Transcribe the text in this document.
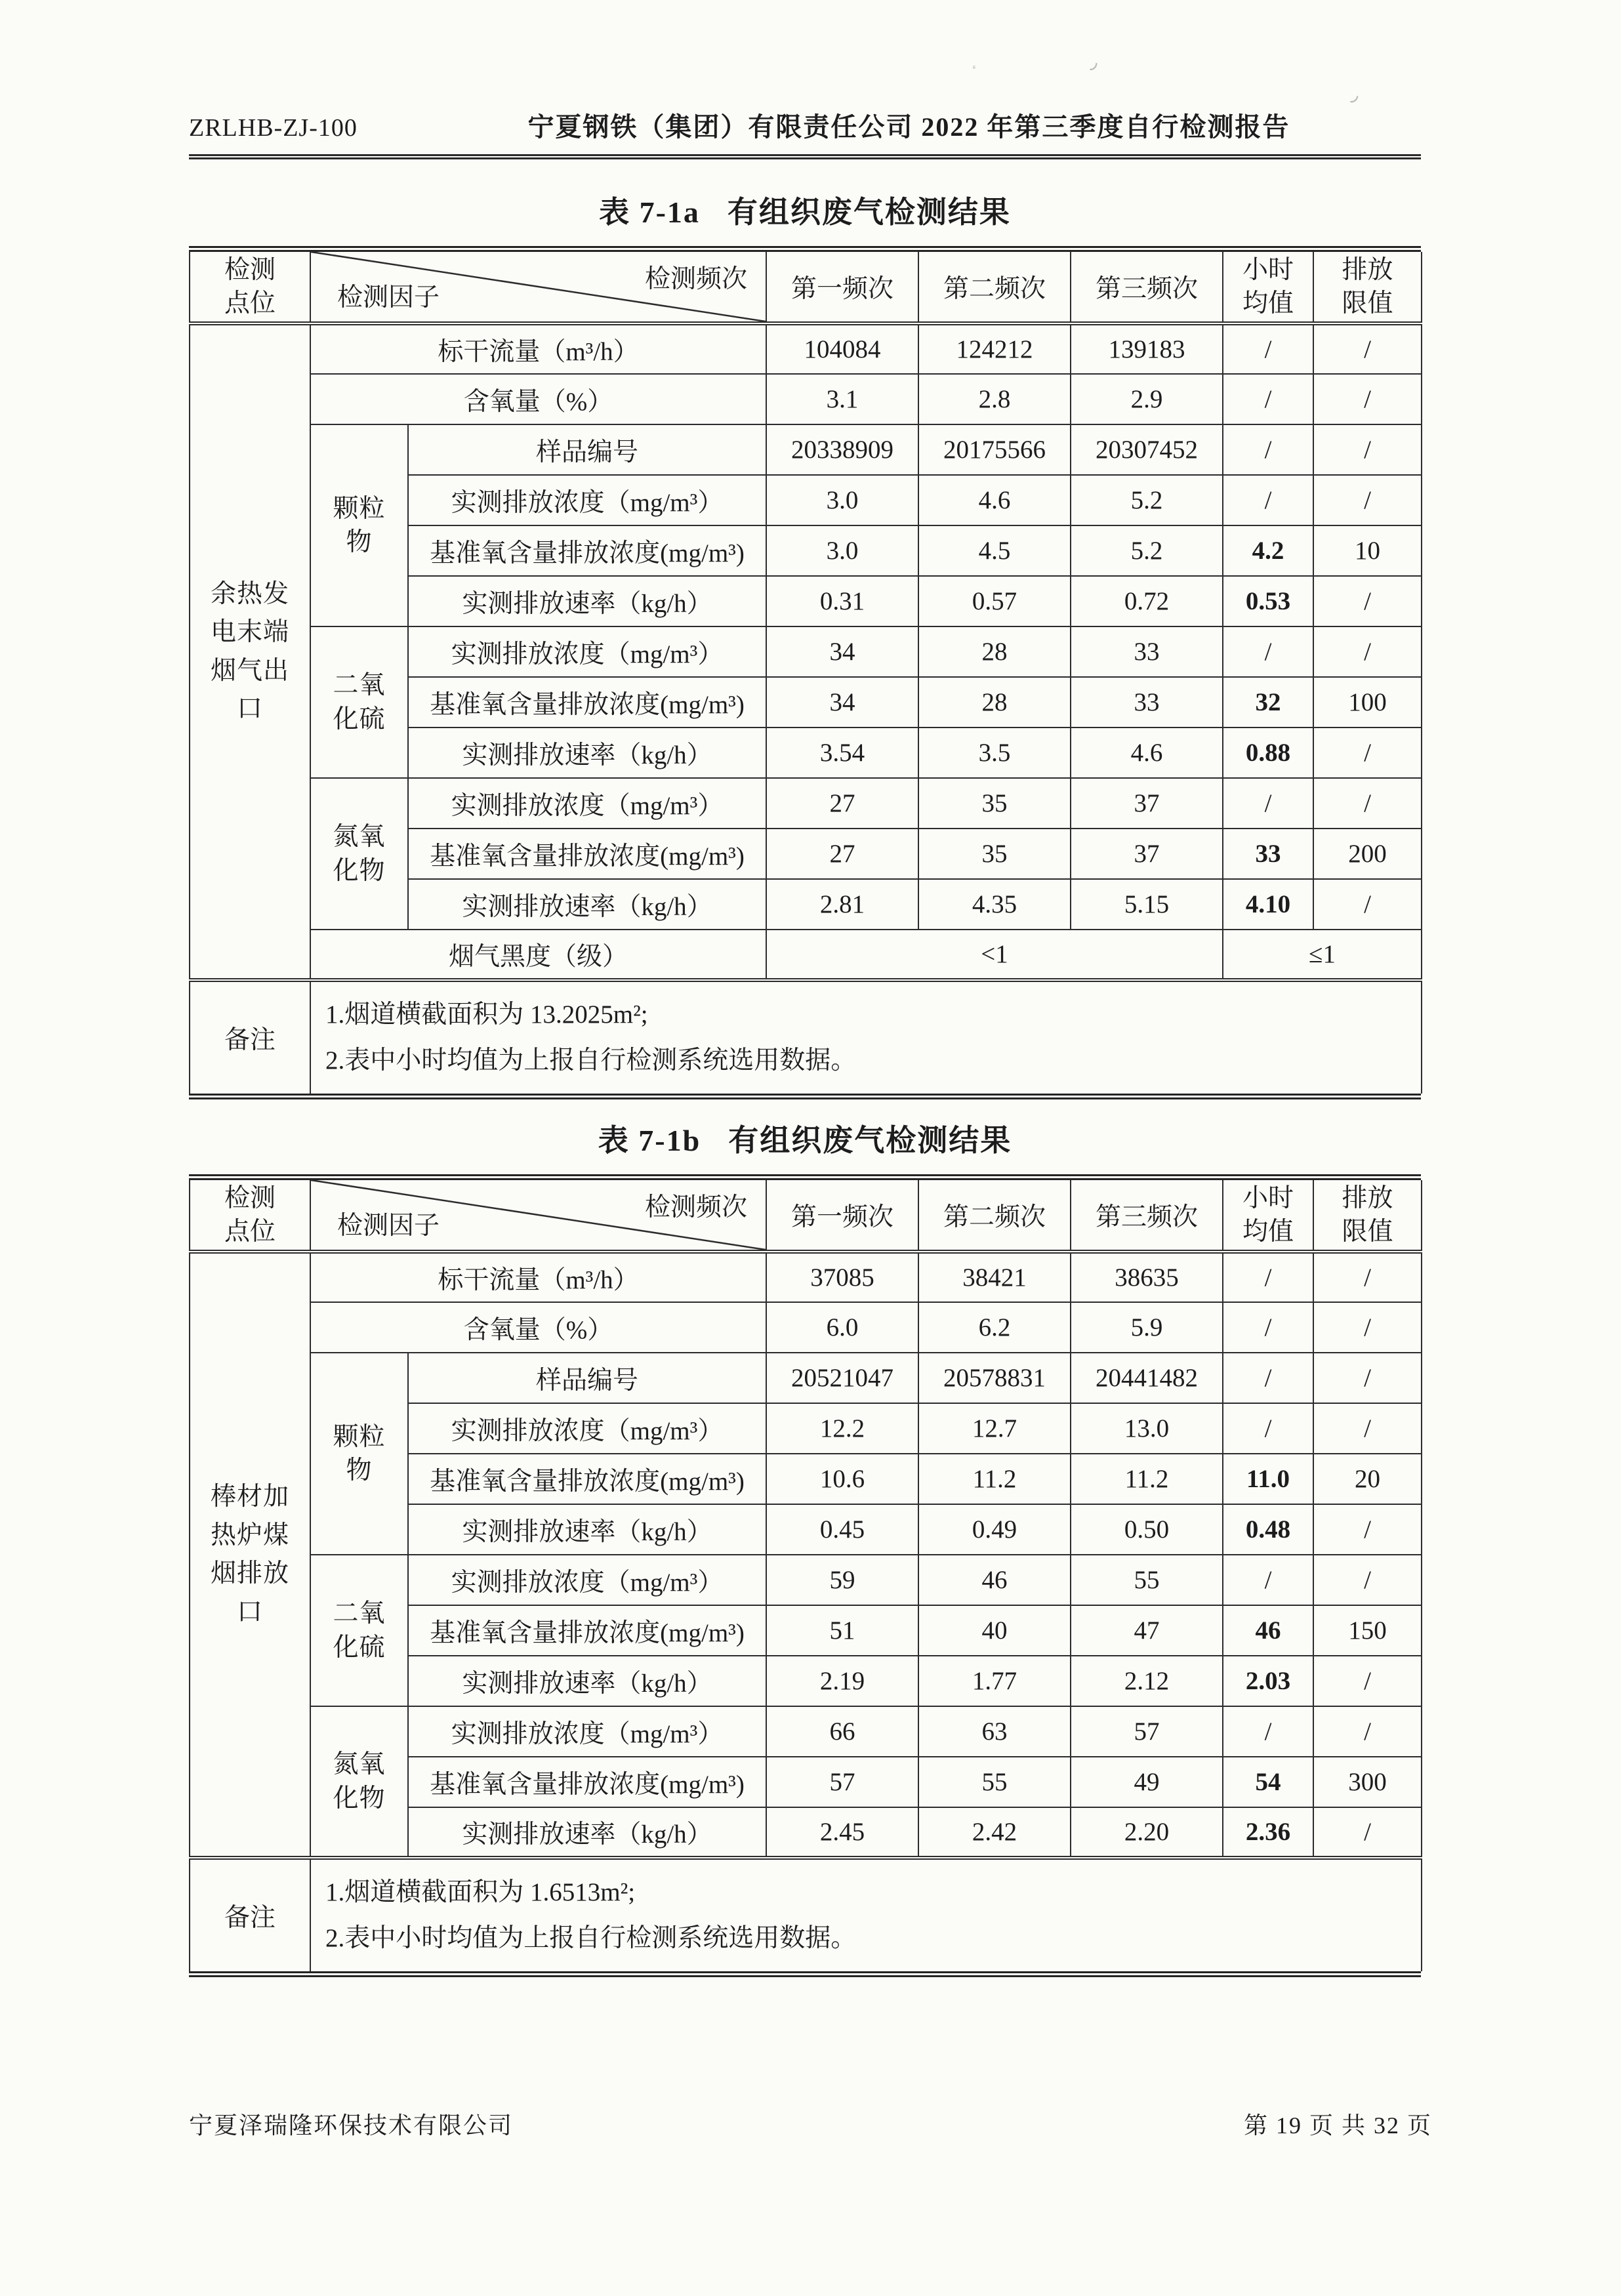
ZRLHB-ZJ-100	宁夏钢铁（集团）有限责任公司 2022 年第三季度自行检测报告
表 7-1a 有组织废气检测结果
检测点位	检测频次
检测因子		第一频次	第二频次	第三频次	小时均值	排放限值
余热发电末端烟气出口	标干流量（m³/h）		104084	124212	139183	/	/
	含氧量（%）		3.1	2.8	2.9	/	/
	颗粒物	样品编号	20338909	20175566	20307452	/	/
		实测排放浓度（mg/m³）	3.0	4.6	5.2	/	/
		基准氧含量排放浓度(mg/m³)	3.0	4.5	5.2	4.2	10
		实测排放速率（kg/h）	0.31	0.57	0.72	0.53	/
	二氧化硫	实测排放浓度（mg/m³）	34	28	33	/	/
		基准氧含量排放浓度(mg/m³)	34	28	33	32	100
		实测排放速率（kg/h）	3.54	3.5	4.6	0.88	/
	氮氧化物	实测排放浓度（mg/m³）	27	35	37	/	/
		基准氧含量排放浓度(mg/m³)	27	35	37	33	200
		实测排放速率（kg/h）	2.81	4.35	5.15	4.10	/
	烟气黑度（级）		<1			≤1	
备注	1.烟道横截面积为 13.2025m²;
2.表中小时均值为上报自行检测系统选用数据。						
表 7-1b 有组织废气检测结果
检测点位	检测频次
检测因子		第一频次	第二频次	第三频次	小时均值	排放限值
棒材加热炉煤烟排放口	标干流量（m³/h）		37085	38421	38635	/	/
	含氧量（%）		6.0	6.2	5.9	/	/
	颗粒物	样品编号	20521047	20578831	20441482	/	/
		实测排放浓度（mg/m³）	12.2	12.7	13.0	/	/
		基准氧含量排放浓度(mg/m³)	10.6	11.2	11.2	11.0	20
		实测排放速率（kg/h）	0.45	0.49	0.50	0.48	/
	二氧化硫	实测排放浓度（mg/m³）	59	46	55	/	/
		基准氧含量排放浓度(mg/m³)	51	40	47	46	150
		实测排放速率（kg/h）	2.19	1.77	2.12	2.03	/
	氮氧化物	实测排放浓度（mg/m³）	66	63	57	/	/
		基准氧含量排放浓度(mg/m³)	57	55	49	54	300
		实测排放速率（kg/h）	2.45	2.42	2.20	2.36	/
备注	1.烟道横截面积为 1.6513m²;
2.表中小时均值为上报自行检测系统选用数据。						
宁夏泽瑞隆环保技术有限公司	第 19 页 共 32 页
٫
ٴ
٫
